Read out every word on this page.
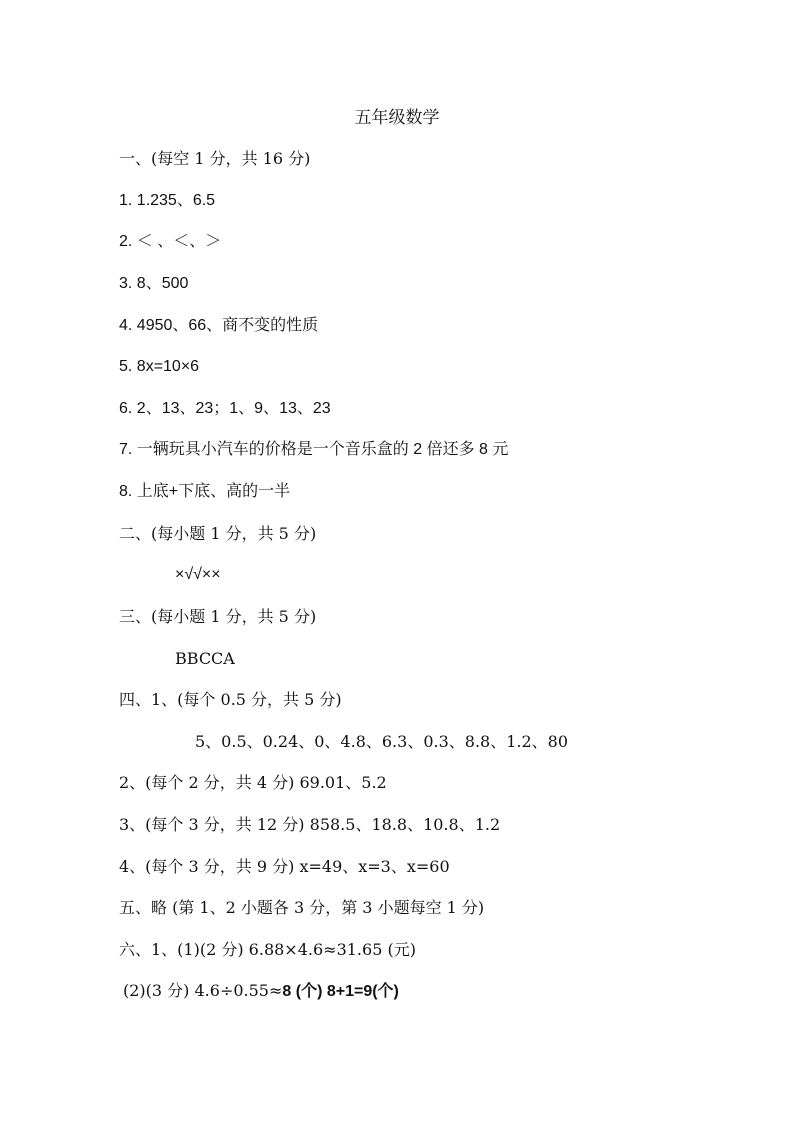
五年级数学
一、(每空 1 分，共 16 分)
1. 1.235、6.5
2. ＜ 、＜、＞
3. 8、500
4. 4950、66、商不变的性质
5. 8x=10×6
6. 2、13、23；1、9、13、23
7. 一辆玩具小汽车的价格是一个音乐盒的 2 倍还多 8 元
8. 上底+下底、高的一半
二、(每小题 1 分，共 5 分)
×√√××
三、(每小题 1 分，共 5 分)
BBCCA
四、1、(每个 0.5 分，共 5 分)
5、0.5、0.24、0、4.8、6.3、0.3、8.8、1.2、80
2、(每个 2 分，共 4 分) 69.01、5.2
3、(每个 3 分，共 12 分) 858.5、18.8、10.8、1.2
4、(每个 3 分，共 9 分) x=49、x=3、x=60
五、略 (第 1、2 小题各 3 分，第 3 小题每空 1 分)
六、1、(1)(2 分) 6.88×4.6≈31.65 (元)
(2)(3 分) 4.6÷0.55≈8 (个) 8+1=9(个)
